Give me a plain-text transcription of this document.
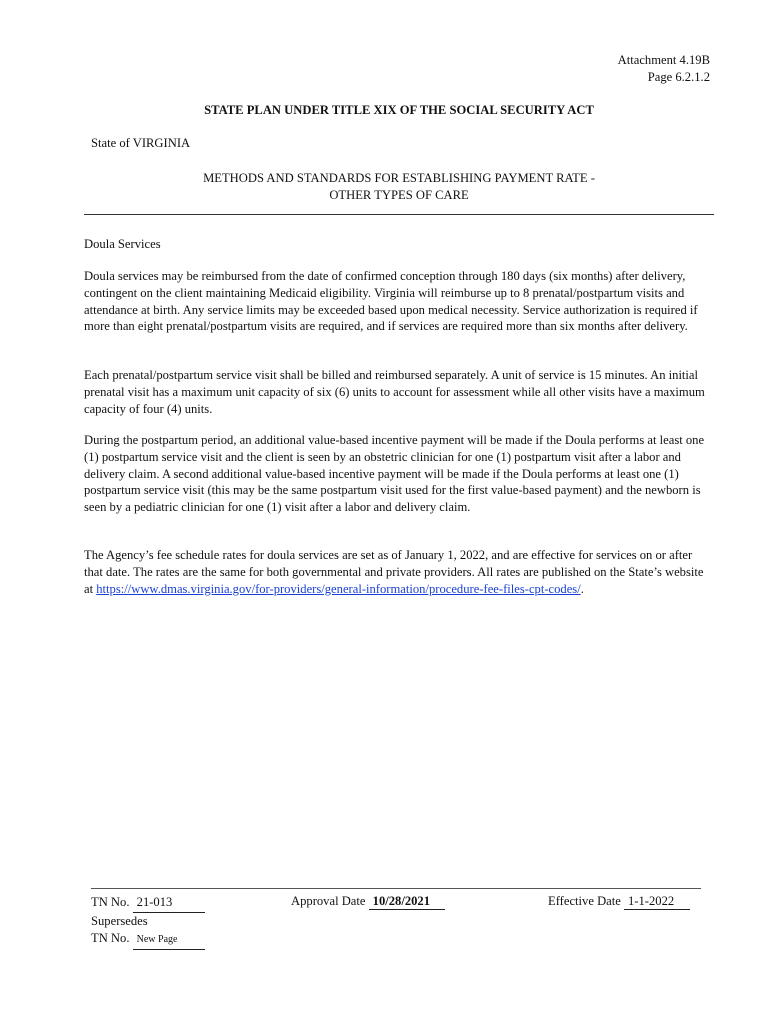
Attachment 4.19B
Page 6.2.1.2
STATE PLAN UNDER TITLE XIX OF THE SOCIAL SECURITY ACT
State of VIRGINIA
METHODS AND STANDARDS FOR ESTABLISHING PAYMENT RATE -
OTHER TYPES OF CARE
Doula Services
Doula services may be reimbursed from the date of confirmed conception through 180 days (six months) after delivery, contingent on the client maintaining Medicaid eligibility. Virginia will reimburse up to 8 prenatal/postpartum visits and attendance at birth. Any service limits may be exceeded based upon medical necessity. Service authorization is required if more than eight prenatal/postpartum visits are required, and if services are required more than six months after delivery.
Each prenatal/postpartum service visit shall be billed and reimbursed separately. A unit of service is 15 minutes. An initial prenatal visit has a maximum unit capacity of six (6) units to account for assessment while all other visits have a maximum capacity of four (4) units.
During the postpartum period, an additional value-based incentive payment will be made if the Doula performs at least one (1) postpartum service visit and the client is seen by an obstetric clinician for one (1) postpartum visit after a labor and delivery claim. A second additional value-based incentive payment will be made if the Doula performs at least one (1) postpartum service visit (this may be the same postpartum visit used for the first value-based payment) and the newborn is seen by a pediatric clinician for one (1) visit after a labor and delivery claim.
The Agency’s fee schedule rates for doula services are set as of January 1, 2022, and are effective for services on or after that date. The rates are the same for both governmental and private providers. All rates are published on the State’s website at https://www.dmas.virginia.gov/for-providers/general-information/procedure-fee-files-cpt-codes/.
TN No. 21-013
Supersedes
TN No. New Page
Approval Date 10/28/2021	Effective Date 1-1-2022
